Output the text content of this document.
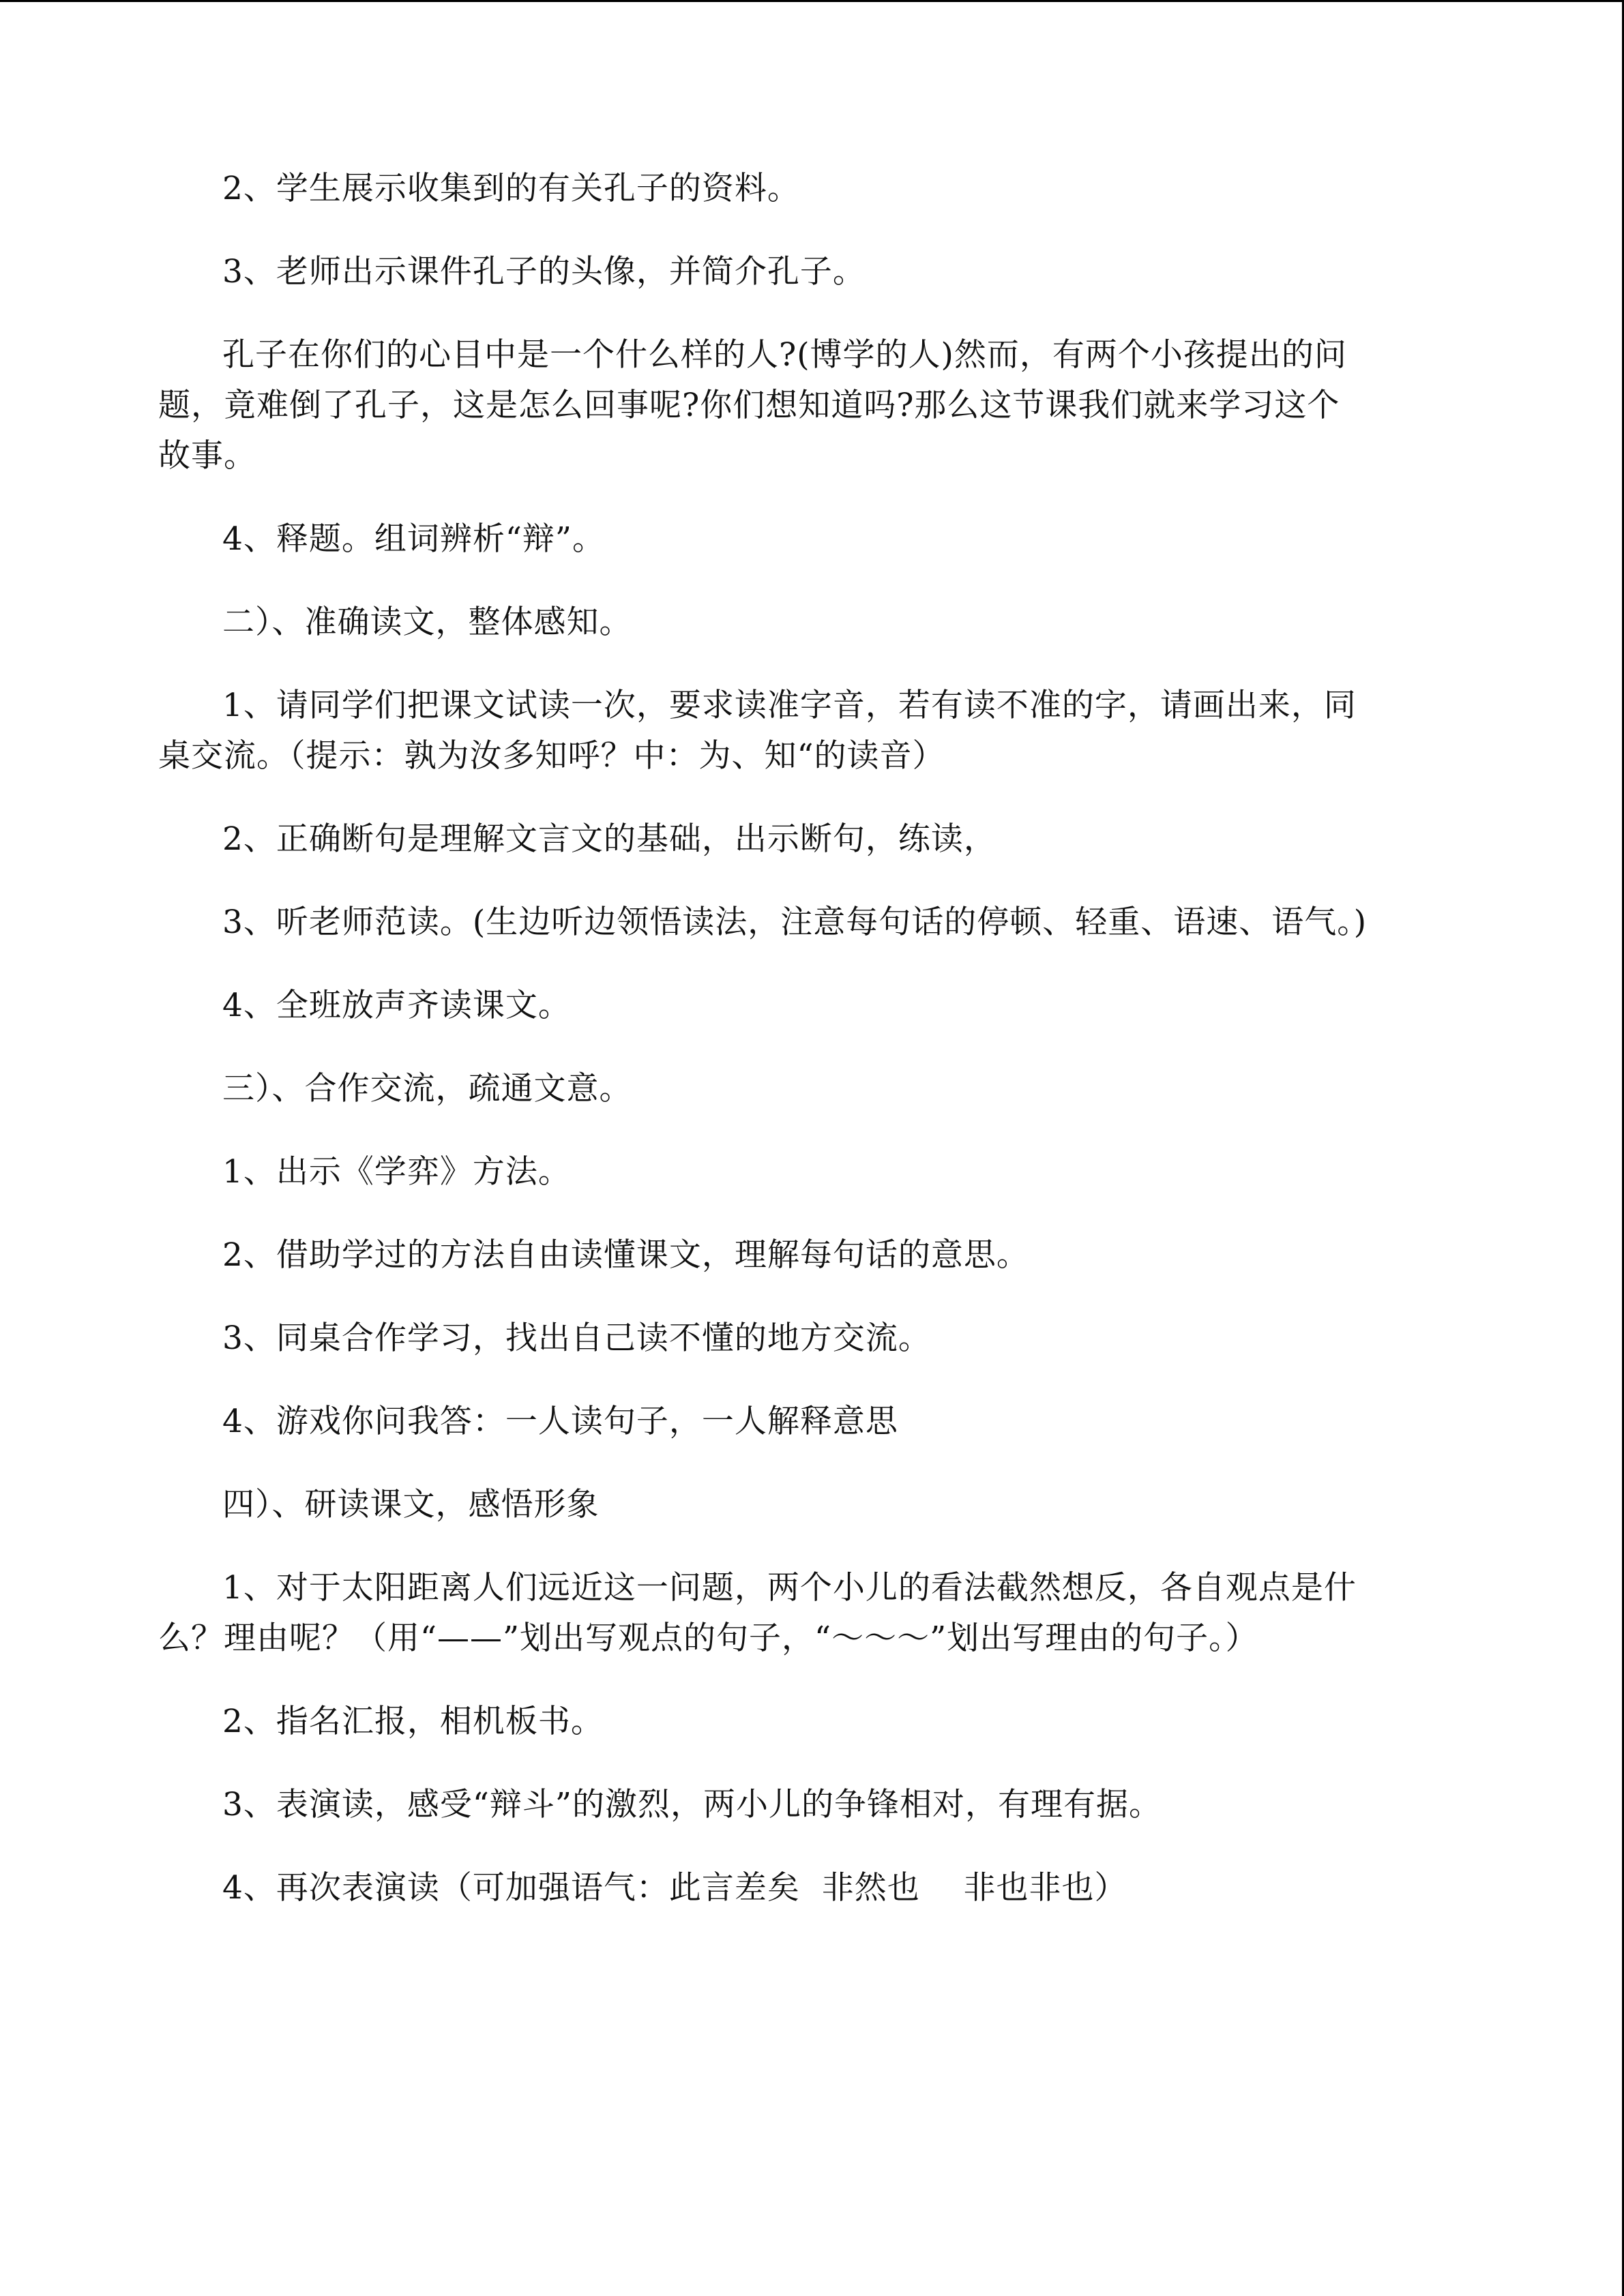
2、学生展示收集到的有关孔子的资料。

3、老师出示课件孔子的头像，并简介孔子。

孔子在你们的心目中是一个什么样的人?(博学的人)然而，有两个小孩提出的问题，竟难倒了孔子，这是怎么回事呢?你们想知道吗?那么这节课我们就来学习这个故事。

4、释题。组词辨析“辩”。

二）、准确读文，整体感知。

1、请同学们把课文试读一次，要求读准字音，若有读不准的字，请画出来，同桌交流。（提示：孰为汝多知呼？中：为、知“的读音）

2、正确断句是理解文言文的基础，出示断句，练读，

3、听老师范读。(生边听边领悟读法，注意每句话的停顿、轻重、语速、语气。)

4、全班放声齐读课文。

三）、合作交流，疏通文意。

1、出示《学弈》方法。

2、借助学过的方法自由读懂课文，理解每句话的意思。

3、同桌合作学习，找出自己读不懂的地方交流。

4、游戏你问我答：一人读句子，一人解释意思

四）、研读课文，感悟形象

1、对于太阳距离人们远近这一问题，两个小儿的看法截然想反，各自观点是什么？理由呢？（用“——”划出写观点的句子，“～～～”划出写理由的句子。）

2、指名汇报，相机板书。

3、表演读，感受“辩斗”的激烈，两小儿的争锋相对，有理有据。

4、再次表演读（可加强语气：此言差矣  非然也    非也非也）
